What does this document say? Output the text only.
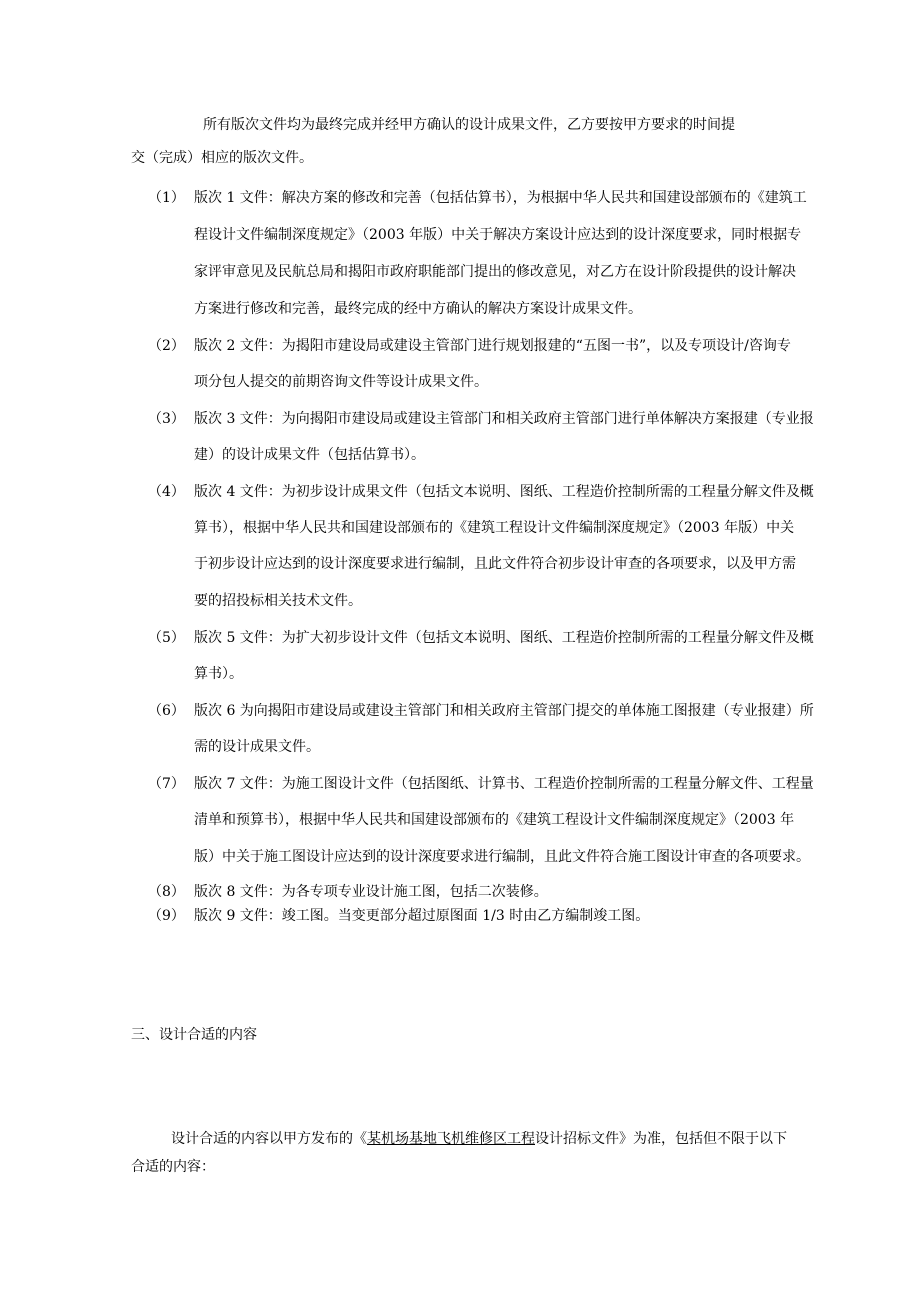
所有版次文件均为最终完成并经甲方确认的设计成果文件，乙方要按甲方要求的时间提
交（完成）相应的版次文件。
（1） 版次 1 文件：解决方案的修改和完善（包括估算书），为根据中华人民共和国建设部颁布的《建筑工
程设计文件编制深度规定》（2003 年版）中关于解决方案设计应达到的设计深度要求，同时根据专
家评审意见及民航总局和揭阳市政府职能部门提出的修改意见，对乙方在设计阶段提供的设计解决
方案进行修改和完善，最终完成的经中方确认的解决方案设计成果文件。
（2） 版次 2 文件：为揭阳市建设局或建设主管部门进行规划报建的“五图一书”，以及专项设计/咨询专
项分包人提交的前期咨询文件等设计成果文件。
（3） 版次 3 文件：为向揭阳市建设局或建设主管部门和相关政府主管部门进行单体解决方案报建（专业报
建）的设计成果文件（包括估算书）。
（4） 版次 4 文件：为初步设计成果文件（包括文本说明、图纸、工程造价控制所需的工程量分解文件及概
算书），根据中华人民共和国建设部颁布的《建筑工程设计文件编制深度规定》（2003 年版）中关
于初步设计应达到的设计深度要求进行编制，且此文件符合初步设计审查的各项要求，以及甲方需
要的招投标相关技术文件。
（5） 版次 5 文件：为扩大初步设计文件（包括文本说明、图纸、工程造价控制所需的工程量分解文件及概
算书）。
（6） 版次 6 为向揭阳市建设局或建设主管部门和相关政府主管部门提交的单体施工图报建（专业报建）所
需的设计成果文件。
（7） 版次 7 文件：为施工图设计文件（包括图纸、计算书、工程造价控制所需的工程量分解文件、工程量
清单和预算书），根据中华人民共和国建设部颁布的《建筑工程设计文件编制深度规定》（2003 年
版）中关于施工图设计应达到的设计深度要求进行编制，且此文件符合施工图设计审查的各项要求。
（8） 版次 8 文件：为各专项专业设计施工图，包括二次装修。
（9） 版次 9 文件：竣工图。当变更部分超过原图面 1/3 时由乙方编制竣工图。
三、设计合适的内容
设计合适的内容以甲方发布的《某机场基地飞机维修区工程设计招标文件》为准，包括但不限于以下
合适的内容：
